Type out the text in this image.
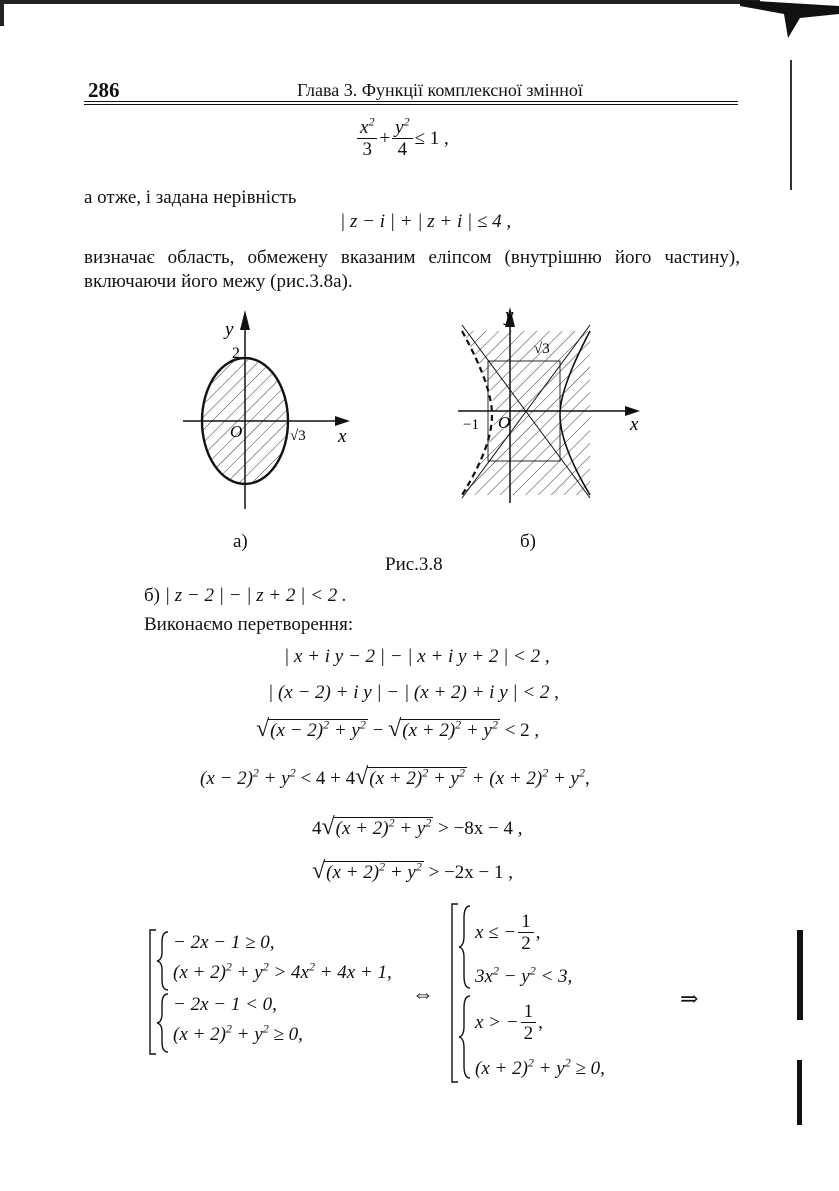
286	Глава 3. Функції комплексної змінної
$\frac{x^2}{3} + \frac{y^2}{4} \le 1$ ,
а отже, і задана нерівність
| z − i | + | z + i | ≤ 4 ,
визначає область, обмежену вказаним еліпсом (внутрішню його частину), включаючи його межу (рис.3.8а).
y
x
O
2
√3
y
x
O
−1
√3
а)	б)
Рис.3.8
б) | z − 2 | − | z + 2 | < 2 .
Виконаємо перетворення:
| x + i y − 2 | − | x + i y + 2 | < 2 ,
| (x − 2) + i y | − | (x + 2) + i y | < 2 ,
$√(x - 2)^2 + y^2 - √(x + 2)^2 + y^2 < 2$ ,
$(x - 2)^2 + y^2 < 4 + 4√(x + 2)^2 + y^2 + (x + 2)^2 + y^2$,
$4√(x + 2)^2 + y^2 > -8x - 4$ ,
$√(x + 2)^2 + y^2 > -2x - 1$ ,
− 2x − 1 ≥ 0,
$(x + 2)^2 + y^2 > 4x^2 + 4x + 1$,
− 2x − 1 < 0,
$(x + 2)^2 + y^2 \ge 0$,
⇔
x ≤ − $\frac{1}{2}$ ,
$3x^2 - y^2 < 3$,
x > − $\frac{1}{2}$ ,
$(x + 2)^2 + y^2 \ge 0$,
⇒
